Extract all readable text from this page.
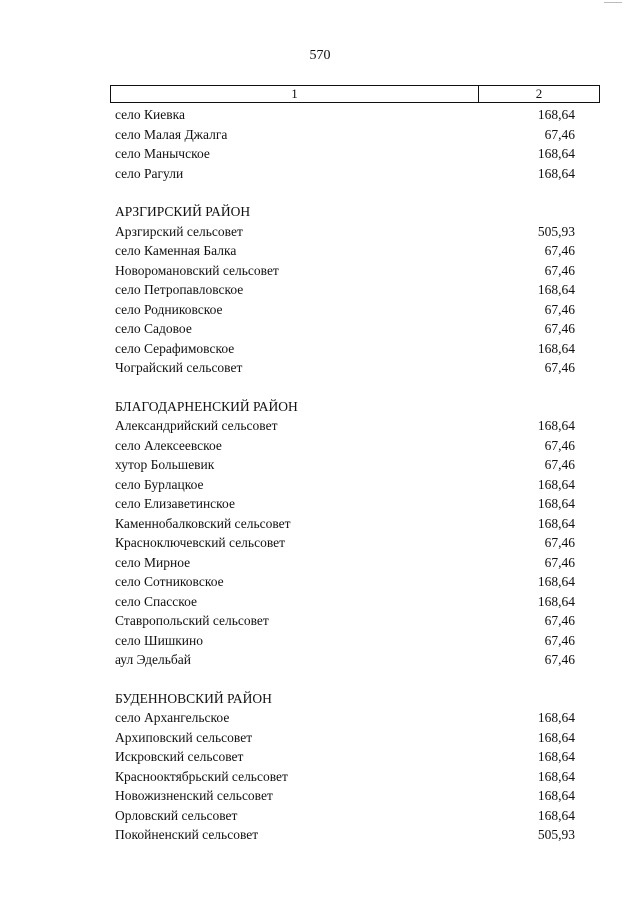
570
1	2
село Киевка	168,64
село Малая Джалга	67,46
село Манычское	168,64
село Рагули	168,64
АРЗГИРСКИЙ РАЙОН
Арзгирский сельсовет	505,93
село Каменная Балка	67,46
Новоромановский сельсовет	67,46
село Петропавловское	168,64
село Родниковское	67,46
село Садовое	67,46
село Серафимовское	168,64
Чограйский сельсовет	67,46
БЛАГОДАРНЕНСКИЙ РАЙОН
Александрийский сельсовет	168,64
село Алексеевское	67,46
хутор Большевик	67,46
село Бурлацкое	168,64
село Елизаветинское	168,64
Каменнобалковский сельсовет	168,64
Красноключевский сельсовет	67,46
село Мирное	67,46
село Сотниковское	168,64
село Спасское	168,64
Ставропольский сельсовет	67,46
село Шишкино	67,46
аул Эдельбай	67,46
БУДЕННОВСКИЙ РАЙОН
село Архангельское	168,64
Архиповский сельсовет	168,64
Искровский сельсовет	168,64
Краснооктябрьский сельсовет	168,64
Новожизненский сельсовет	168,64
Орловский сельсовет	168,64
Покойненский сельсовет	505,93
